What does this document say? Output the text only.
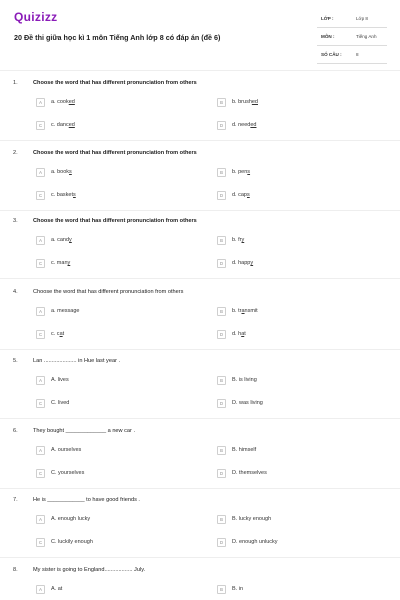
Quizizz
20 Đề thi giữa học kì 1 môn Tiếng Anh lớp 8 có đáp án (đề 6)
LỚP :	Lớp 8
MÔN :	Tiếng Anh
SỐ CÂU :	8
1.	Choose the word that has different pronunciation from others
A	a. cooked	B	b. brushed
C	c. danced	D	d. needed
2.	Choose the word that has different pronunciation from others
A	a. books	B	b. pens
C	c. baskets	D	d. caps
3.	Choose the word that has different pronunciation from others
A	a. candy	B	b. fry
C	c. many	D	d. happy
4.	Choose the word that has different pronunciation from others
A	a. message	B	b. transmit
C	c. cat	D	d. hat
5.	Lan ..................... in Hue last year .
A	A. lives	B	B. is living
C	C. lived	D	D. was living
6.	They bought _____________ a new car .
A	A. ourselves	B	B. himself
C	C. yourselves	D	D. themselves
7.	He is ____________ to have good friends .
A	A. enough lucky	B	B. lucky enough
C	C. luckily enough	D	D. enough unlucky
8.	My sister is going to England.................. July.
A	A. at	B	B. in
